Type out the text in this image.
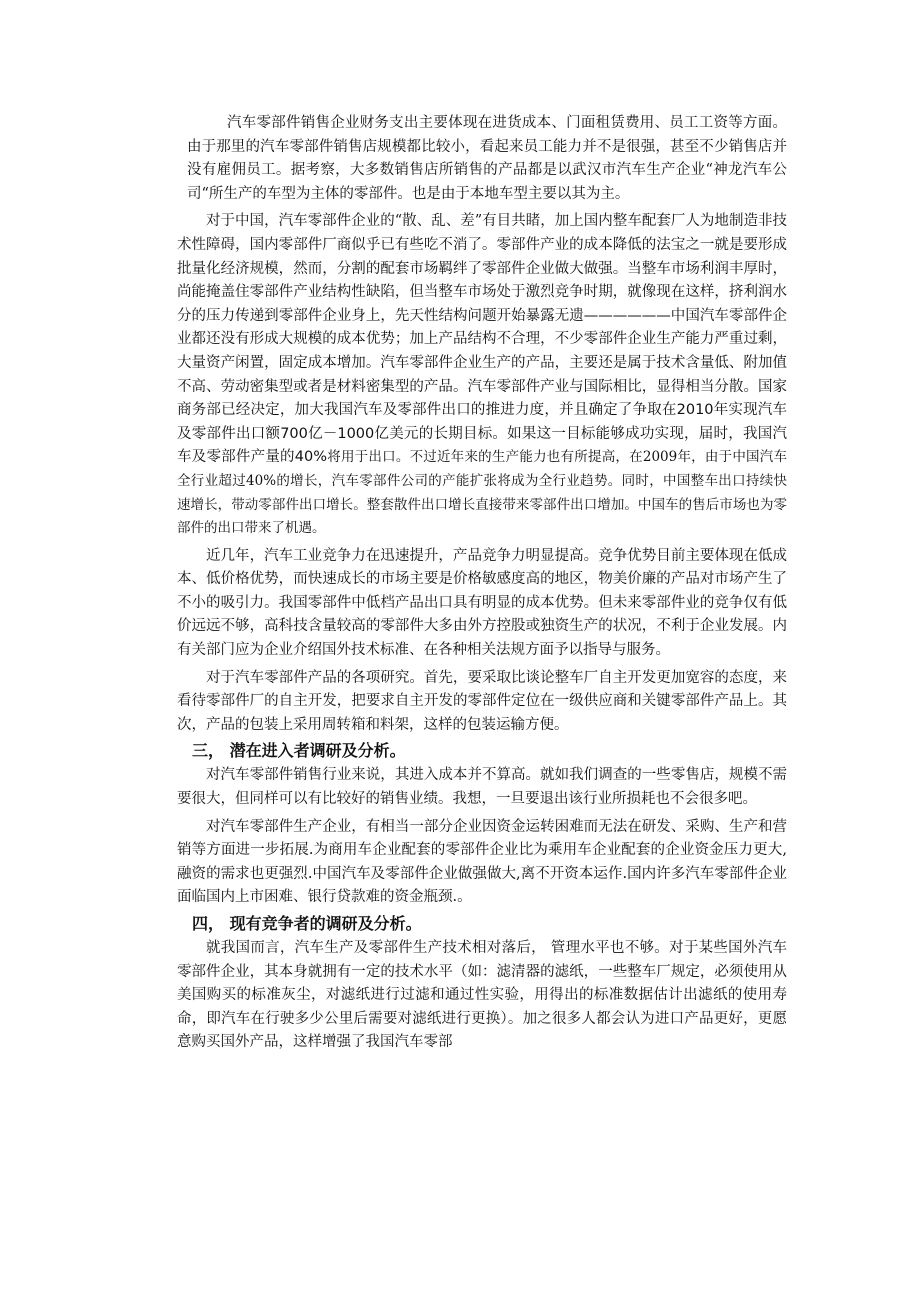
汽车零部件销售企业财务支出主要体现在进货成本、门面租赁费用、员工工资等方面。由于那里的汽车零部件销售店规模都比较小，看起来员工能力并不是很强，甚至不少销售店并没有雇佣员工。据考察，大多数销售店所销售的产品都是以武汉市汽车生产企业“神龙汽车公司“所生产的车型为主体的零部件。也是由于本地车型主要以其为主。

对于中国，汽车零部件企业的“散、乱、差”有目共睹，加上国内整车配套厂人为地制造非技术性障碍，国内零部件厂商似乎已有些吃不消了。零部件产业的成本降低的法宝之一就是要形成批量化经济规模，然而，分割的配套市场羁绊了零部件企业做大做强。当整车市场利润丰厚时，尚能掩盖住零部件产业结构性缺陷，但当整车市场处于激烈竞争时期，就像现在这样，挤利润水分的压力传递到零部件企业身上，先天性结构问题开始暴露无遗——————中国汽车零部件企业都还没有形成大规模的成本优势；加上产品结构不合理，不少零部件企业生产能力严重过剩，大量资产闲置，固定成本增加。汽车零部件企业生产的产品，主要还是属于技术含量低、附加值不高、劳动密集型或者是材料密集型的产品。汽车零部件产业与国际相比，显得相当分散。国家商务部已经决定，加大我国汽车及零部件出口的推进力度，并且确定了争取在2010年实现汽车及零部件出口额700亿－1000亿美元的长期目标。如果这一目标能够成功实现，届时，我国汽车及零部件产量的40%将用于出口。不过近年来的生产能力也有所提高，在2009年，由于中国汽车全行业超过40%的增长，汽车零部件公司的产能扩张将成为全行业趋势。同时，中国整车出口持续快速增长，带动零部件出口增长。整套散件出口增长直接带来零部件出口增加。中国车的售后市场也为零部件的出口带来了机遇。

近几年，汽车工业竞争力在迅速提升，产品竞争力明显提高。竞争优势目前主要体现在低成本、低价格优势，而快速成长的市场主要是价格敏感度高的地区，物美价廉的产品对市场产生了不小的吸引力。我国零部件中低档产品出口具有明显的成本优势。但未来零部件业的竞争仅有低价远远不够，高科技含量较高的零部件大多由外方控股或独资生产的状况，不利于企业发展。内有关部门应为企业介绍国外技术标准、在各种相关法规方面予以指导与服务。

对于汽车零部件产品的各项研究。首先，要采取比谈论整车厂自主开发更加宽容的态度，来看待零部件厂的自主开发，把要求自主开发的零部件定位在一级供应商和关键零部件产品上。其次，产品的包装上采用周转箱和料架，这样的包装运输方便。

三， 潜在进入者调研及分析。

对汽车零部件销售行业来说，其进入成本并不算高。就如我们调查的一些零售店，规模不需要很大，但同样可以有比较好的销售业绩。我想，一旦要退出该行业所损耗也不会很多吧。

对汽车零部件生产企业，有相当一部分企业因资金运转困难而无法在研发、采购、生产和营销等方面进一步拓展.为商用车企业配套的零部件企业比为乘用车企业配套的企业资金压力更大,融资的需求也更强烈.中国汽车及零部件企业做强做大,离不开资本运作.国内许多汽车零部件企业面临国内上市困难、银行贷款难的资金瓶颈.。

四， 现有竞争者的调研及分析。

就我国而言，汽车生产及零部件生产技术相对落后， 管理水平也不够。对于某些国外汽车零部件企业，其本身就拥有一定的技术水平（如：滤清器的滤纸，一些整车厂规定，必须使用从美国购买的标准灰尘，对滤纸进行过滤和通过性实验，用得出的标准数据估计出滤纸的使用寿命，即汽车在行驶多少公里后需要对滤纸进行更换）。加之很多人都会认为进口产品更好，更愿意购买国外产品，这样增强了我国汽车零部
